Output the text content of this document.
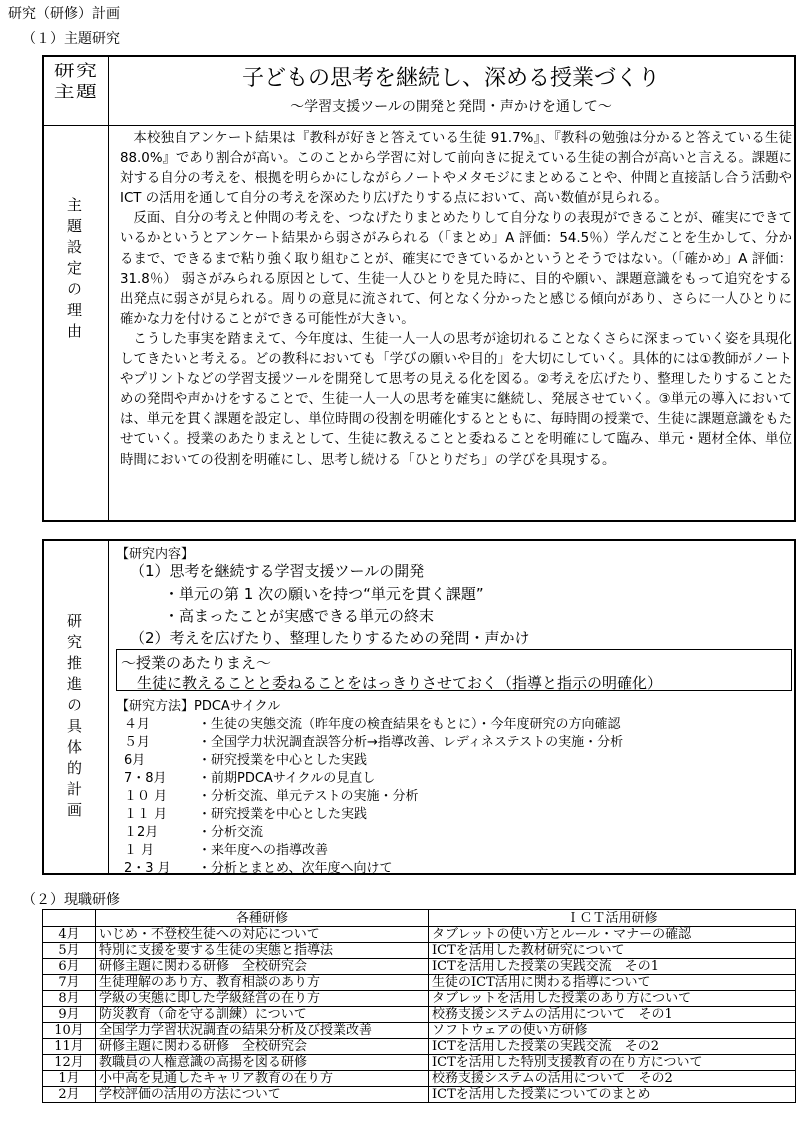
研究（研修）計画
（１）主題研究
研究
主題
子どもの思考を継続し、深める授業づくり
～学習支援ツールの開発と発問・声かけを通して～
主題設定の理由

本校独自アンケート結果は『教科が好きと答えている生徒 91.7%』、『教科の勉強は分かると答えている生徒 88.0%』であり割合が高い。このことから学習に対して前向きに捉えている生徒の割合が高いと言える。課題に対する自分の考えを、根拠を明らかにしながらノートやメタモジにまとめることや、仲間と直接話し合う活動や ICT の活用を通して自分の考えを深めたり広げたりする点において、高い数値が見られる。

反面、自分の考えと仲間の考えを、つなげたりまとめたりして自分なりの表現ができることが、確実にできているかというとアンケート結果から弱さがみられる（「まとめ」A 評価：54.5％）学んだことを生かして、分かるまで、できるまで粘り強く取り組むことが、確実にできているかというとそうではない。（「確かめ」A 評価：31.8％） 弱さがみられる原因として、生徒一人ひとりを見た時に、目的や願い、課題意識をもって追究をする出発点に弱さが見られる。周りの意見に流されて、何となく分かったと感じる傾向があり、さらに一人ひとりに確かな力を付けることができる可能性が大きい。

こうした事実を踏まえて、今年度は、生徒一人一人の思考が途切れることなくさらに深まっていく姿を具現化してきたいと考える。どの教科においても「学びの願いや目的」を大切にしていく。具体的には①教師がノートやプリントなどの学習支援ツールを開発して思考の見える化を図る。②考えを広げたり、整理したりすることための発問や声かけをすることで、生徒一人一人の思考を確実に継続し、発展させていく。③単元の導入においては、単元を貫く課題を設定し、単位時間の役割を明確化するとともに、毎時間の授業で、生徒に課題意識をもたせていく。授業のあたりまえとして、生徒に教えることと委ねることを明確にして臨み、単元・題材全体、単位時間においての役割を明確にし、思考し続ける「ひとりだち」の学びを具現する。

研究推進の具体的計画
【研究内容】
（1）思考を継続する学習支援ツールの開発
・単元の第 1 次の願いを持つ“単元を貫く課題”
・高まったことが実感できる単元の終末
（2）考えを広げたり、整理したりするための発問・声かけ
～授業のあたりまえ～
生徒に教えることと委ねることをはっきりさせておく（指導と指示の明確化）
【研究方法】PDCAサイクル
４月	・生徒の実態交流（昨年度の検査結果をもとに）・今年度研究の方向確認
５月	・全国学力状況調査誤答分析→指導改善、レディネステストの実施・分析
6月	・研究授業を中心とした実践
7・8月 ・前期PDCAサイクルの見直し
１０ 月 ・分析交流、単元テストの実施・分析
１１ 月 ・研究授業を中心とした実践
１2月	・分析交流
１ 月	・来年度への指導改善
2・3 月 ・分析とまとめ、次年度へ向けて
（２）現職研修
	各種研修	ＩＣＴ活用研修
4月	いじめ・不登校生徒への対応について	タブレットの使い方とルール・マナーの確認
5月	特別に支援を要する生徒の実態と指導法	ICTを活用した教材研究について
6月	研修主題に関わる研修　全校研究会	ICTを活用した授業の実践交流　その1
7月	生徒理解のあり方、教育相談のあり方	生徒のICT活用に関わる指導について
8月	学級の実態に即した学級経営の在り方	タブレットを活用した授業のあり方について
9月	防災教育（命を守る訓練）について	校務支援システムの活用について　その1
10月	全国学力学習状況調査の結果分析及び授業改善	ソフトウェアの使い方研修
11月	研修主題に関わる研修　全校研究会	ICTを活用した授業の実践交流　その2
12月	教職員の人権意識の高揚を図る研修	ICTを活用した特別支援教育の在り方について
1月	小中高を見通したキャリア教育の在り方	校務支援システムの活用について　その2
2月	学校評価の活用の方法について	ICTを活用した授業についてのまとめ
